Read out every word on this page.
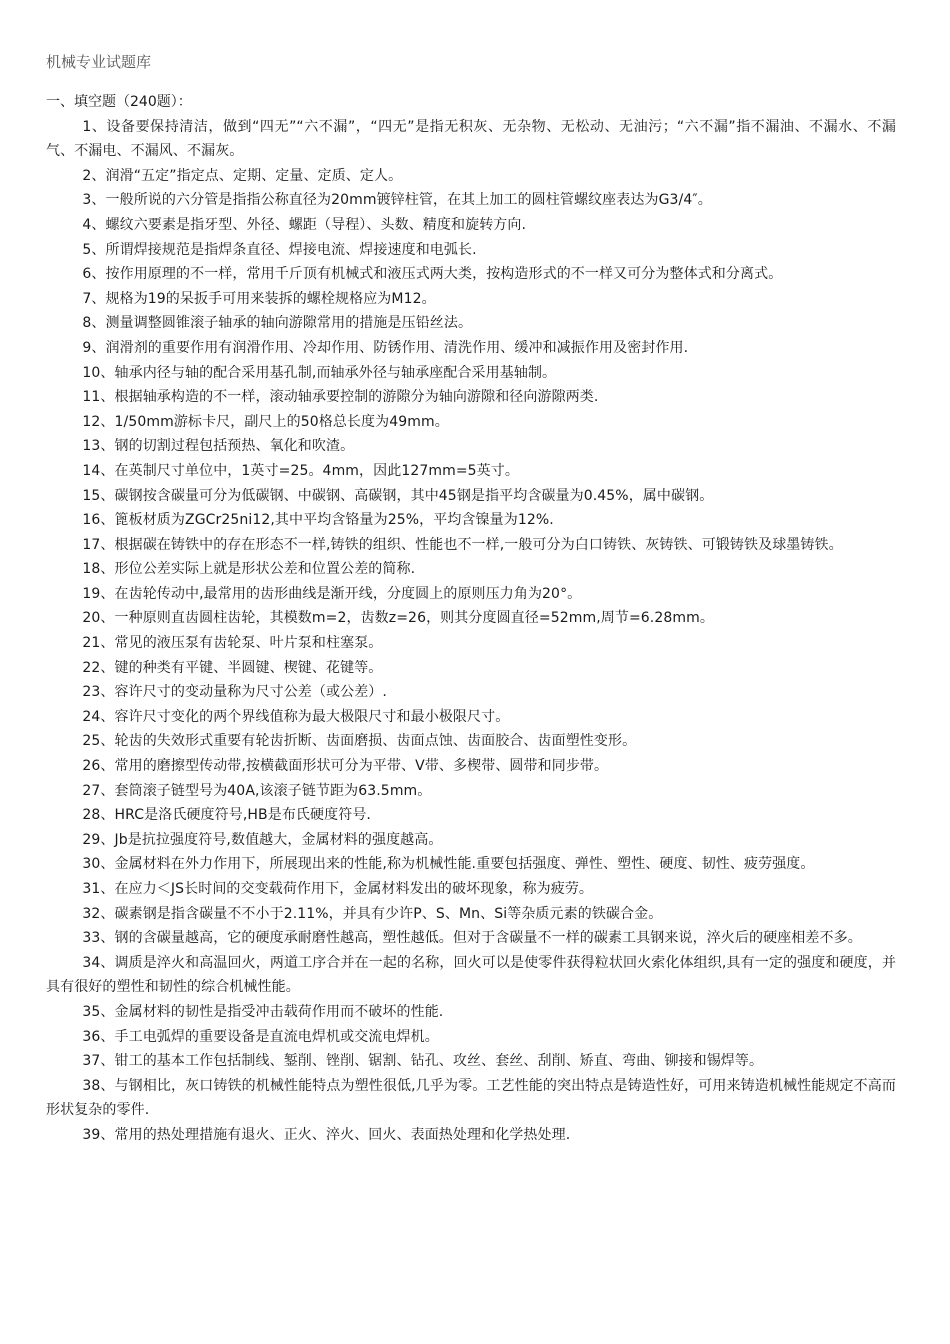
机械专业试题库
一、填空题（240题）：

1、设备要保持清洁，做到“四无”“六不漏”，“四无”是指无积灰、无杂物、无松动、无油污；“六不漏”指不漏油、不漏水、不漏气、不漏电、不漏风、不漏灰。

2、润滑“五定”指定点、定期、定量、定质、定人。

3、一般所说的六分管是指指公称直径为20mm镀锌柱管，在其上加工的圆柱管螺纹座表达为G3/4″。

4、螺纹六要素是指牙型、外径、螺距（导程）、头数、精度和旋转方向.

5、所谓焊接规范是指焊条直径、焊接电流、焊接速度和电弧长.

6、按作用原理的不一样，常用千斤顶有机械式和液压式两大类，按构造形式的不一样又可分为整体式和分离式。

7、规格为19的呆扳手可用来装拆的螺栓规格应为M12。

8、测量调整圆锥滚子轴承的轴向游隙常用的措施是压铅丝法。

9、润滑剂的重要作用有润滑作用、冷却作用、防锈作用、清洗作用、缓冲和减振作用及密封作用.

10、轴承内径与轴的配合采用基孔制,而轴承外径与轴承座配合采用基轴制。

11、根据轴承构造的不一样，滚动轴承要控制的游隙分为轴向游隙和径向游隙两类.

12、1/50mm游标卡尺，副尺上的50格总长度为49mm。

13、钢的切割过程包括预热、氧化和吹渣。

14、在英制尺寸单位中，1英寸=25。4mm，因此127mm=5英寸。

15、碳钢按含碳量可分为低碳钢、中碳钢、高碳钢，其中45钢是指平均含碳量为0.45%，属中碳钢。

16、篦板材质为ZGCr25ni12,其中平均含铬量为25%，平均含镍量为12%.

17、根据碳在铸铁中的存在形态不一样,铸铁的组织、性能也不一样,一般可分为白口铸铁、灰铸铁、可锻铸铁及球墨铸铁。

18、形位公差实际上就是形状公差和位置公差的简称.

19、在齿轮传动中,最常用的齿形曲线是渐开线，分度圆上的原则压力角为20°。

20、一种原则直齿圆柱齿轮，其模数m=2，齿数z=26，则其分度圆直径=52mm,周节=6.28mm。

21、常见的液压泵有齿轮泵、叶片泵和柱塞泵。

22、键的种类有平键、半圆键、楔键、花键等。

23、容许尺寸的变动量称为尺寸公差（或公差）.

24、容许尺寸变化的两个界线值称为最大极限尺寸和最小极限尺寸。

25、轮齿的失效形式重要有轮齿折断、齿面磨损、齿面点蚀、齿面胶合、齿面塑性变形。

26、常用的磨擦型传动带,按横截面形状可分为平带、V带、多楔带、圆带和同步带。

27、套筒滚子链型号为40A,该滚子链节距为63.5mm。

28、HRC是洛氏硬度符号,HB是布氏硬度符号.

29、Jb是抗拉强度符号,数值越大，金属材料的强度越高。

30、金属材料在外力作用下，所展现出来的性能,称为机械性能.重要包括强度、弹性、塑性、硬度、韧性、疲劳强度。

31、在应力＜JS长时间的交变载荷作用下，金属材料发出的破坏现象，称为疲劳。

32、碳素钢是指含碳量不不小于2.11%，并具有少许P、S、Mn、Si等杂质元素的铁碳合金。

33、钢的含碳量越高，它的硬度承耐磨性越高，塑性越低。但对于含碳量不一样的碳素工具钢来说，淬火后的硬座相差不多。

34、调质是淬火和高温回火，两道工序合并在一起的名称，回火可以是使零件获得粒状回火索化体组织,具有一定的强度和硬度，并具有很好的塑性和韧性的综合机械性能。

35、金属材料的韧性是指受冲击载荷作用而不破坏的性能.

36、手工电弧焊的重要设备是直流电焊机或交流电焊机。

37、钳工的基本工作包括制线、錾削、锉削、锯割、钻孔、攻丝、套丝、刮削、矫直、弯曲、铆接和锡焊等。

38、与钢相比，灰口铸铁的机械性能特点为塑性很低,几乎为零。工艺性能的突出特点是铸造性好，可用来铸造机械性能规定不高而形状复杂的零件.

39、常用的热处理措施有退火、正火、淬火、回火、表面热处理和化学热处理.
